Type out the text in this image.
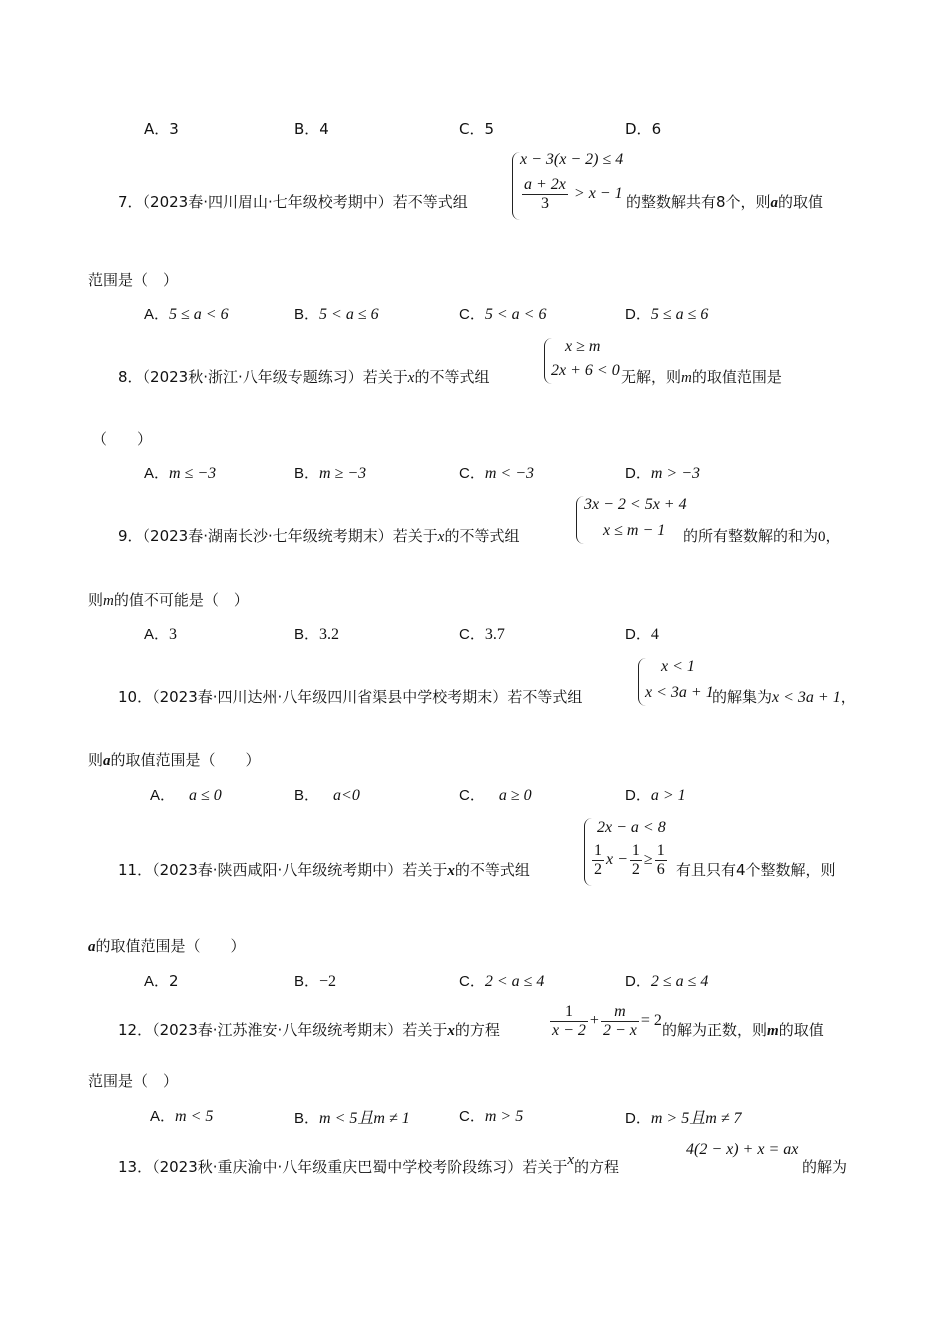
A．3	B．4	C．5	D．6
7．（2023春·四川眉山·七年级校考期中）若不等式组
x − 3(x − 2) ≤ 4
$\frac{a + 2x}{3} > x - 1$ 的整数解共有8个，则a的取值
范围是（　）
A．5 ≤ a < 6	B．5 < a ≤ 6	C．5 < a < 6	D．5 ≤ a ≤ 6
8．（2023秋·浙江·八年级专题练习）若关于x的不等式组
x ≥ m
2x + 6 < 0 无解，则m的取值范围是
（　　）
A．m ≤ −3	B．m ≥ −3	C．m < −3	D．m > −3
9．（2023春·湖南长沙·七年级统考期末）若关于x的不等式组
3x − 2 < 5x + 4
x ≤ m − 1 的所有整数解的和为0，
则m的值不可能是（　）
A．3	B．3.2	C．3.7	D．4
10．（2023春·四川达州·八年级四川省渠县中学校考期末）若不等式组
x < 1
x < 3a + 1
的解集为x < 3a + 1，
则a的取值范围是（　　）
A． a ≤ 0	B． a<0	C． a ≥ 0	D．a > 1
11．（2023春·陕西咸阳·八年级统考期中）若关于x的不等式组
2x − a < 8
$\frac{1}{2}$ $x - \frac{1}{2} \ge \frac{1}{6}$ 有且只有4个整数解，则
a的取值范围是（　　）
A．2	B．−2	C．2 < a ≤ 4	D．2 ≤ a ≤ 4
12．（2023春·江苏淮安·八年级统考期末）若关于x的方程	$\frac{1}{x - 2} + \frac{m}{2 - x} = 2$
的解为正数，则m的取值
范围是（　）
A．m < 5	B．m < 5且m ≠ 1	C．m > 5	D．m > 5且m ≠ 7
13．（2023秋·重庆渝中·八年级重庆巴蜀中学校考阶段练习）若关于x的方程
4(2 − x) + x = ax
的解为
